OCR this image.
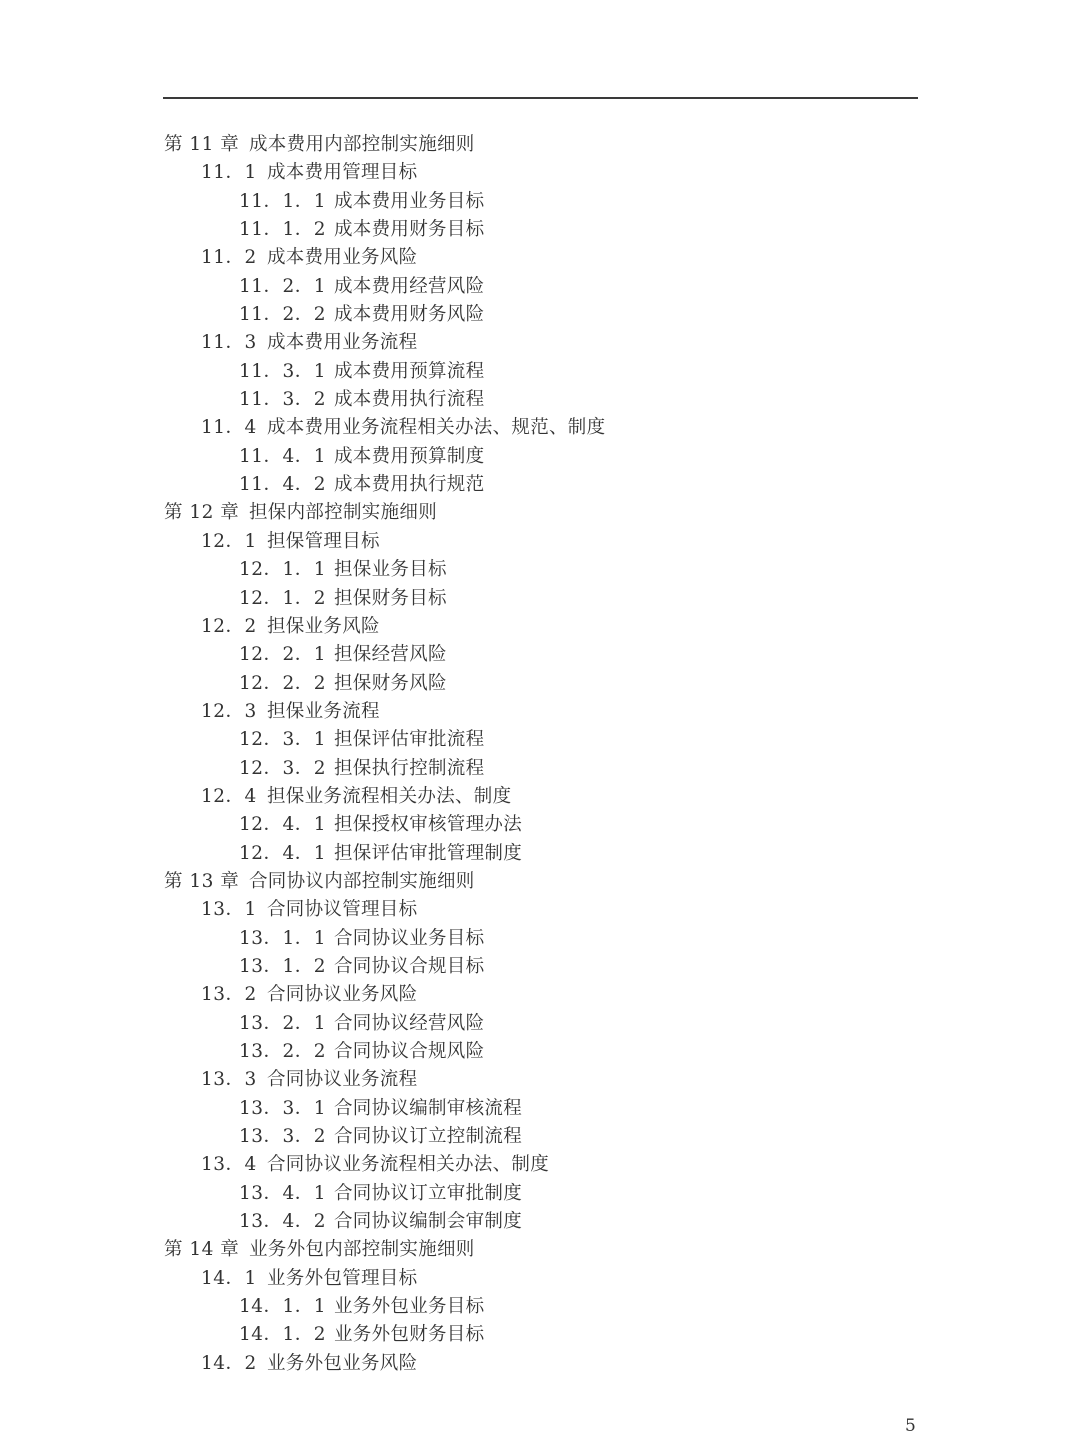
第 11 章 成本费用内部控制实施细则
11．1 成本费用管理目标
11．1．1 成本费用业务目标
11．1．2 成本费用财务目标
11．2 成本费用业务风险
11．2．1 成本费用经营风险
11．2．2 成本费用财务风险
11．3 成本费用业务流程
11．3．1 成本费用预算流程
11．3．2 成本费用执行流程
11．4 成本费用业务流程相关办法、规范、制度
11．4．1 成本费用预算制度
11．4．2 成本费用执行规范
第 12 章 担保内部控制实施细则
12．1 担保管理目标
12．1．1 担保业务目标
12．1．2 担保财务目标
12．2 担保业务风险
12．2．1 担保经营风险
12．2．2 担保财务风险
12．3 担保业务流程
12．3．1 担保评估审批流程
12．3．2 担保执行控制流程
12．4 担保业务流程相关办法、制度
12．4．1 担保授权审核管理办法
12．4．1 担保评估审批管理制度
第 13 章 合同协议内部控制实施细则
13．1 合同协议管理目标
13．1．1 合同协议业务目标
13．1．2 合同协议合规目标
13．2 合同协议业务风险
13．2．1 合同协议经营风险
13．2．2 合同协议合规风险
13．3 合同协议业务流程
13．3．1 合同协议编制审核流程
13．3．2 合同协议订立控制流程
13．4 合同协议业务流程相关办法、制度
13．4．1 合同协议订立审批制度
13．4．2 合同协议编制会审制度
第 14 章 业务外包内部控制实施细则
14．1 业务外包管理目标
14．1．1 业务外包业务目标
14．1．2 业务外包财务目标
14．2 业务外包业务风险
5
